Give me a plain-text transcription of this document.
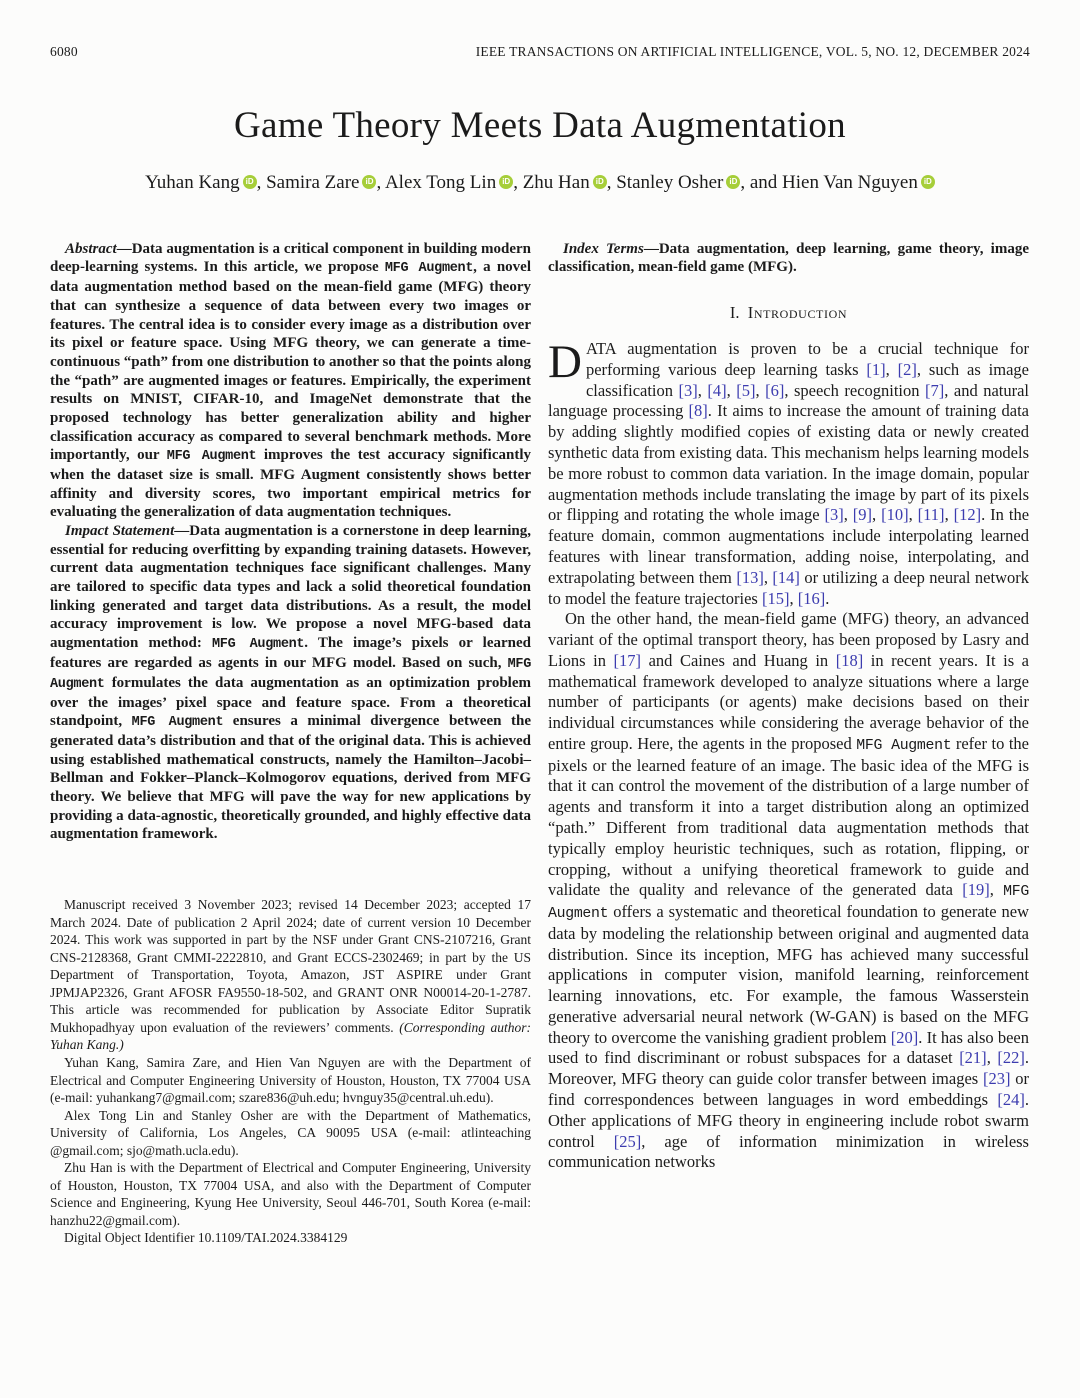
6080	IEEE TRANSACTIONS ON ARTIFICIAL INTELLIGENCE, VOL. 5, NO. 12, DECEMBER 2024
Game Theory Meets Data Augmentation
Yuhan Kang iD , Samira Zare iD , Alex Tong Lin iD , Zhu Han iD , Stanley Osher iD , and Hien Van Nguyen iD

Abstract—Data augmentation is a critical component in building modern deep-learning systems. In this article, we propose MFG Augment, a novel data augmentation method based on the mean-field game (MFG) theory that can synthesize a sequence of data between every two images or features. The central idea is to consider every image as a distribution over its pixel or feature space. Using MFG theory, we can generate a time-continuous “path” from one distribution to another so that the points along the “path” are augmented images or features. Empirically, the experiment results on MNIST, CIFAR-10, and ImageNet demonstrate that the proposed technology has better generalization ability and higher classification accuracy as compared to several benchmark methods. More importantly, our MFG Augment improves the test accuracy significantly when the dataset size is small. MFG Augment consistently shows better affinity and diversity scores, two important empirical metrics for evaluating the generalization of data augmentation techniques.

Impact Statement—Data augmentation is a cornerstone in deep learning, essential for reducing overfitting by expanding training datasets. However, current data augmentation techniques face significant challenges. Many are tailored to specific data types and lack a solid theoretical foundation linking generated and target data distributions. As a result, the model accuracy improvement is low. We propose a novel MFG-based data augmentation method: MFG Augment. The image’s pixels or learned features are regarded as agents in our MFG model. Based on such, MFG Augment formulates the data augmentation as an optimization problem over the images’ pixel space and feature space. From a theoretical standpoint, MFG Augment ensures a minimal divergence between the generated data’s distribution and that of the original data. This is achieved using established mathematical constructs, namely the Hamilton–Jacobi–Bellman and Fokker–Planck–Kolmogorov equations, derived from MFG theory. We believe that MFG will pave the way for new applications by providing a data-agnostic, theoretically grounded, and highly effective data augmentation framework.

Manuscript received 3 November 2023; revised 14 December 2023; accepted 17 March 2024. Date of publication 2 April 2024; date of current version 10 December 2024. This work was supported in part by the NSF under Grant CNS-2107216, Grant CNS-2128368, Grant CMMI-2222810, and Grant ECCS-2302469; in part by the US Department of Transportation, Toyota, Amazon, JST ASPIRE under Grant JPMJAP2326, Grant AFOSR FA9550-18-502, and GRANT ONR N00014-20-1-2787. This article was recommended for publication by Associate Editor Supratik Mukhopadhyay upon evaluation of the reviewers’ comments. (Corresponding author: Yuhan Kang.)

Yuhan Kang, Samira Zare, and Hien Van Nguyen are with the Department of Electrical and Computer Engineering University of Houston, Houston, TX 77004 USA (e-mail: yuhankang7@gmail.com; szare836@uh.edu; hvnguy35@central.uh.edu).

Alex Tong Lin and Stanley Osher are with the Department of Mathematics, University of California, Los Angeles, CA 90095 USA (e-mail: atlinteaching @gmail.com; sjo@math.ucla.edu).

Zhu Han is with the Department of Electrical and Computer Engineering, University of Houston, Houston, TX 77004 USA, and also with the Department of Computer Science and Engineering, Kyung Hee University, Seoul 446-701, South Korea (e-mail: hanzhu22@gmail.com).

Digital Object Identifier 10.1109/TAI.2024.3384129

Index Terms—Data augmentation, deep learning, game theory, image classification, mean-field game (MFG).

I. Introduction

DATA augmentation is proven to be a crucial technique for performing various deep learning tasks [1], [2], such as image classification [3], [4], [5], [6], speech recognition [7], and natural language processing [8]. It aims to increase the amount of training data by adding slightly modified copies of existing data or newly created synthetic data from existing data. This mechanism helps learning models be more robust to common data variation. In the image domain, popular augmentation methods include translating the image by part of its pixels or flipping and rotating the whole image [3], [9], [10], [11], [12]. In the feature domain, common augmentations include interpolating learned features with linear transformation, adding noise, interpolating, and extrapolating between them [13], [14] or utilizing a deep neural network to model the feature trajectories [15], [16].

On the other hand, the mean-field game (MFG) theory, an advanced variant of the optimal transport theory, has been proposed by Lasry and Lions in [17] and Caines and Huang in [18] in recent years. It is a mathematical framework developed to analyze situations where a large number of participants (or agents) make decisions based on their individual circumstances while considering the average behavior of the entire group. Here, the agents in the proposed MFG Augment refer to the pixels or the learned feature of an image. The basic idea of the MFG is that it can control the movement of the distribution of a large number of agents and transform it into a target distribution along an optimized “path.” Different from traditional data augmentation methods that typically employ heuristic techniques, such as rotation, flipping, or cropping, without a unifying theoretical framework to guide and validate the quality and relevance of the generated data [19], MFG Augment offers a systematic and theoretical foundation to generate new data by modeling the relationship between original and augmented data distribution. Since its inception, MFG has achieved many successful applications in computer vision, manifold learning, reinforcement learning innovations, etc. For example, the famous Wasserstein generative adversarial neural network (W-GAN) is based on the MFG theory to overcome the vanishing gradient problem [20]. It has also been used to find discriminant or robust subspaces for a dataset [21], [22]. Moreover, MFG theory can guide color transfer between images [23] or find correspondences between languages in word embeddings [24]. Other applications of MFG theory in engineering include robot swarm control [25], age of information minimization in wireless communication networks
